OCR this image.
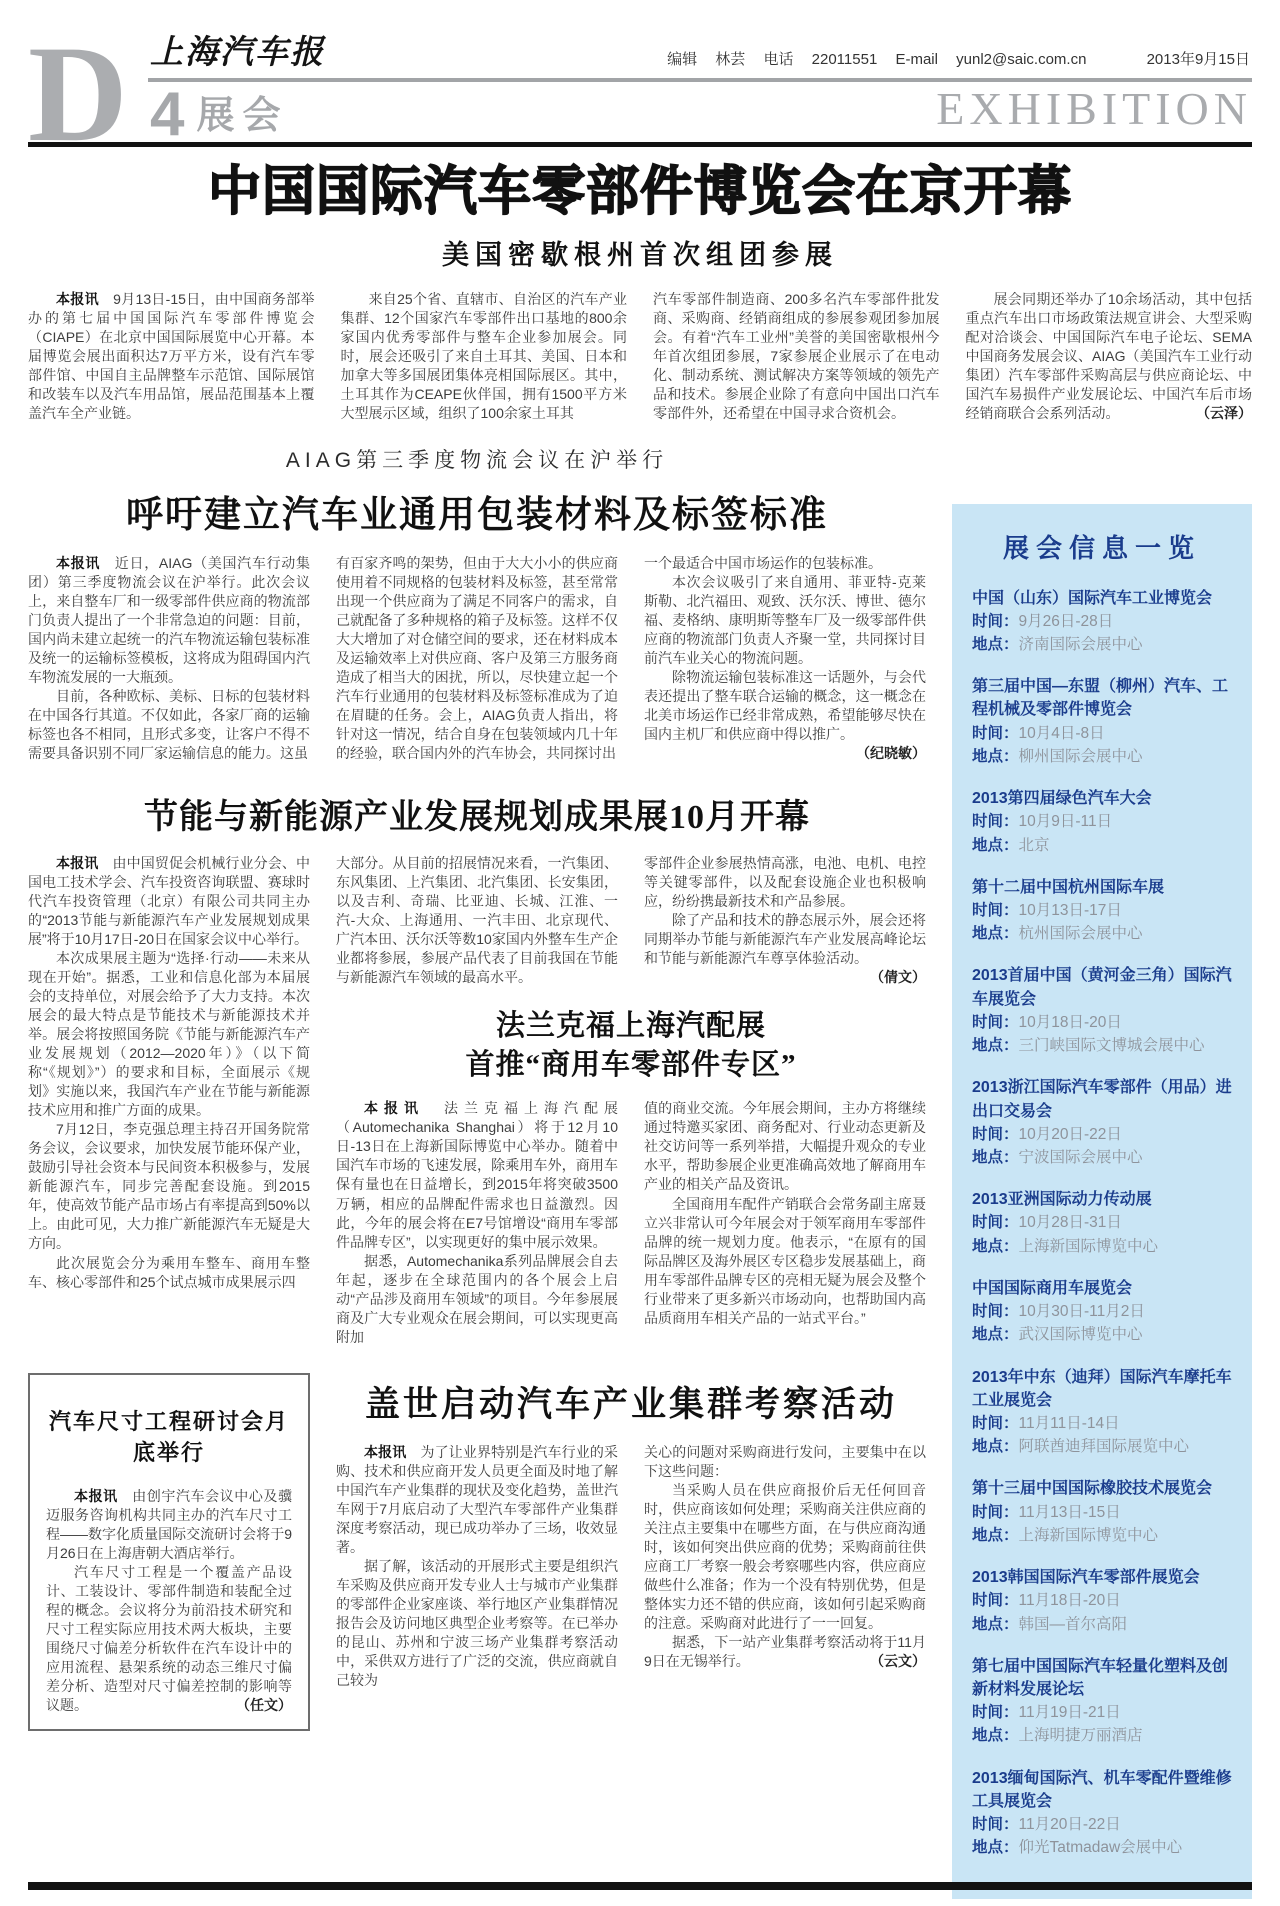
D 上海汽车报
4 展会
编辑 林芸 电话 22011551 E-mail yunl2@saic.com.cn	2013年9月15日
EXHIBITION
中国国际汽车零部件博览会在京开幕
美国密歇根州首次组团参展

本报讯　9月13日-15日，由中国商务部举办的第七届中国国际汽车零部件博览会（CIAPE）在北京中国国际展览中心开幕。本届博览会展出面积达7万平方米，设有汽车零部件馆、中国自主品牌整车示范馆、国际展馆和改装车以及汽车用品馆，展品范围基本上覆盖汽车全产业链。

来自25个省、直辖市、自治区的汽车产业集群、12个国家汽车零部件出口基地的800余家国内优秀零部件与整车企业参加展会。同时，展会还吸引了来自土耳其、美国、日本和加拿大等多国展团集体亮相国际展区。其中，土耳其作为CEAPE伙伴国，拥有1500平方米大型展示区域，组织了100余家土耳其

汽车零部件制造商、200多名汽车零部件批发商、采购商、经销商组成的参展参观团参加展会。有着“汽车工业州”美誉的美国密歇根州今年首次组团参展，7家参展企业展示了在电动化、制动系统、测试解决方案等领域的领先产品和技术。参展企业除了有意向中国出口汽车零部件外，还希望在中国寻求合资机会。

展会同期还举办了10余场活动，其中包括重点汽车出口市场政策法规宣讲会、大型采购配对洽谈会、中国国际汽车电子论坛、SEMA中国商务发展会议、AIAG（美国汽车工业行动集团）汽车零部件采购高层与供应商论坛、中国汽车易损件产业发展论坛、中国汽车后市场经销商联合会系列活动。	（云泽）

AIAG第三季度物流会议在沪举行
呼吁建立汽车业通用包装材料及标签标准

本报讯　近日，AIAG（美国汽车行动集团）第三季度物流会议在沪举行。此次会议上，来自整车厂和一级零部件供应商的物流部门负责人提出了一个非常急迫的问题：目前，国内尚未建立起统一的汽车物流运输包装标准及统一的运输标签模板，这将成为阻碍国内汽车物流发展的一大瓶颈。

目前，各种欧标、美标、日标的包装材料在中国各行其道。不仅如此，各家厂商的运输标签也各不相同，且形式多变，让客户不得不需要具备识别不同厂家运输信息的能力。这虽

有百家齐鸣的架势，但由于大大小小的供应商使用着不同规格的包装材料及标签，甚至常常出现一个供应商为了满足不同客户的需求，自己就配备了多种规格的箱子及标签。这样不仅大大增加了对仓储空间的要求，还在材料成本及运输效率上对供应商、客户及第三方服务商造成了相当大的困扰，所以，尽快建立起一个汽车行业通用的包装材料及标签标准成为了迫在眉睫的任务。会上，AIAG负责人指出，将针对这一情况，结合自身在包装领域内几十年的经验，联合国内外的汽车协会，共同探讨出

一个最适合中国市场运作的包装标准。

本次会议吸引了来自通用、菲亚特-克莱斯勒、北汽福田、观致、沃尔沃、博世、德尔福、麦格纳、康明斯等整车厂及一级零部件供应商的物流部门负责人齐聚一堂，共同探讨目前汽车业关心的物流问题。

除物流运输包装标准这一话题外，与会代表还提出了整车联合运输的概念，这一概念在北美市场运作已经非常成熟，希望能够尽快在国内主机厂和供应商中得以推广。
（纪晓敏）

节能与新能源产业发展规划成果展10月开幕

本报讯　由中国贸促会机械行业分会、中国电工技术学会、汽车投资咨询联盟、赛球时代汽车投资管理（北京）有限公司共同主办的“2013节能与新能源汽车产业发展规划成果展”将于10月17日-20日在国家会议中心举行。

本次成果展主题为“选择·行动——未来从现在开始”。据悉，工业和信息化部为本届展会的支持单位，对展会给予了大力支持。本次展会的最大特点是节能技术与新能源技术并举。展会将按照国务院《节能与新能源汽车产业发展规划（2012—2020年）》（以下简称“《规划》”）的要求和目标，全面展示《规划》实施以来，我国汽车产业在节能与新能源技术应用和推广方面的成果。

7月12日，李克强总理主持召开国务院常务会议，会议要求，加快发展节能环保产业，鼓励引导社会资本与民间资本积极参与，发展新能源汽车，同步完善配套设施。到2015年，使高效节能产品市场占有率提高到50%以上。由此可见，大力推广新能源汽车无疑是大方向。

此次展览会分为乘用车整车、商用车整车、核心零部件和25个试点城市成果展示四

大部分。从目前的招展情况来看，一汽集团、东风集团、上汽集团、北汽集团、长安集团，以及吉利、奇瑞、比亚迪、长城、江淮、一汽-大众、上海通用、一汽丰田、北京现代、广汽本田、沃尔沃等数10家国内外整车生产企业都将参展，参展产品代表了目前我国在节能与新能源汽车领域的最高水平。

零部件企业参展热情高涨，电池、电机、电控等关键零部件，以及配套设施企业也积极响应，纷纷携最新技术和产品参展。

除了产品和技术的静态展示外，展会还将同期举办节能与新能源汽车产业发展高峰论坛和节能与新能源汽车尊享体验活动。
（倩文）

法兰克福上海汽配展
首推“商用车零部件专区”

本报讯　法兰克福上海汽配展（Automechanika Shanghai）将于12月10日-13日在上海新国际博览中心举办。随着中国汽车市场的飞速发展，除乘用车外，商用车保有量也在日益增长，到2015年将突破3500万辆，相应的品牌配件需求也日益激烈。因此，今年的展会将在E7号馆增设“商用车零部件品牌专区”，以实现更好的集中展示效果。

据悉，Automechanika系列品牌展会自去年起，逐步在全球范围内的各个展会上启动“产品涉及商用车领域”的项目。今年参展展商及广大专业观众在展会期间，可以实现更高附加

值的商业交流。今年展会期间，主办方将继续通过特邀买家团、商务配对、行业动态更新及社交访问等一系列举措，大幅提升观众的专业水平，帮助参展企业更准确高效地了解商用车产业的相关产品及资讯。

全国商用车配件产销联合会常务副主席聂立兴非常认可今年展会对于领军商用车零部件品牌的统一规划力度。他表示，“在原有的国际品牌区及海外展区专区稳步发展基础上，商用车零部件品牌专区的亮相无疑为展会及整个行业带来了更多新兴市场动向，也帮助国内高品质商用车相关产品的一站式平台。”

汽车尺寸工程研讨会月底举行

本报讯　由创宇汽车会议中心及骥迈服务咨询机构共同主办的汽车尺寸工程——数字化质量国际交流研讨会将于9月26日在上海唐朝大酒店举行。

汽车尺寸工程是一个覆盖产品设计、工装设计、零部件制造和装配全过程的概念。会议将分为前沿技术研究和尺寸工程实际应用技术两大板块，主要围绕尺寸偏差分析软件在汽车设计中的应用流程、悬架系统的动态三维尺寸偏差分析、造型对尺寸偏差控制的影响等议题。	（任文）

盖世启动汽车产业集群考察活动

本报讯　为了让业界特别是汽车行业的采购、技术和供应商开发人员更全面及时地了解中国汽车产业集群的现状及变化趋势，盖世汽车网于7月底启动了大型汽车零部件产业集群深度考察活动，现已成功举办了三场，收效显著。

据了解，该活动的开展形式主要是组织汽车采购及供应商开发专业人士与城市产业集群的零部件企业家座谈、举行地区产业集群情况报告会及访问地区典型企业考察等。在已举办的昆山、苏州和宁波三场产业集群考察活动中，采供双方进行了广泛的交流，供应商就自己较为

关心的问题对采购商进行发问，主要集中在以下这些问题：

当采购人员在供应商报价后无任何回音时，供应商该如何处理；采购商关注供应商的关注点主要集中在哪些方面，在与供应商沟通时，该如何突出供应商的优势；采购商前往供应商工厂考察一般会考察哪些内容，供应商应做些什么准备；作为一个没有特别优势，但是整体实力还不错的供应商，该如何引起采购商的注意。采购商对此进行了一一回复。

据悉，下一站产业集群考察活动将于11月9日在无锡举行。	（云文）

展会信息一览
中国（山东）国际汽车工业博览会
时间：9月26日-28日
地点：济南国际会展中心
第三届中国—东盟（柳州）汽车、工程机械及零部件博览会
时间：10月4日-8日
地点：柳州国际会展中心
2013第四届绿色汽车大会
时间：10月9日-11日
地点：北京
第十二届中国杭州国际车展
时间：10月13日-17日
地点：杭州国际会展中心
2013首届中国（黄河金三角）国际汽车展览会
时间：10月18日-20日
地点：三门峡国际文博城会展中心
2013浙江国际汽车零部件（用品）进出口交易会
时间：10月20日-22日
地点：宁波国际会展中心
2013亚洲国际动力传动展
时间：10月28日-31日
地点：上海新国际博览中心
中国国际商用车展览会
时间：10月30日-11月2日
地点：武汉国际博览中心
2013年中东（迪拜）国际汽车摩托车工业展览会
时间：11月11日-14日
地点：阿联酋迪拜国际展览中心
第十三届中国国际橡胶技术展览会
时间：11月13日-15日
地点：上海新国际博览中心
2013韩国国际汽车零部件展览会
时间：11月18日-20日
地点：韩国—首尔高阳
第七届中国国际汽车轻量化塑料及创新材料发展论坛
时间：11月19日-21日
地点：上海明捷万丽酒店
2013缅甸国际汽、机车零配件暨维修工具展览会
时间：11月20日-22日
地点：仰光Tatmadaw会展中心
